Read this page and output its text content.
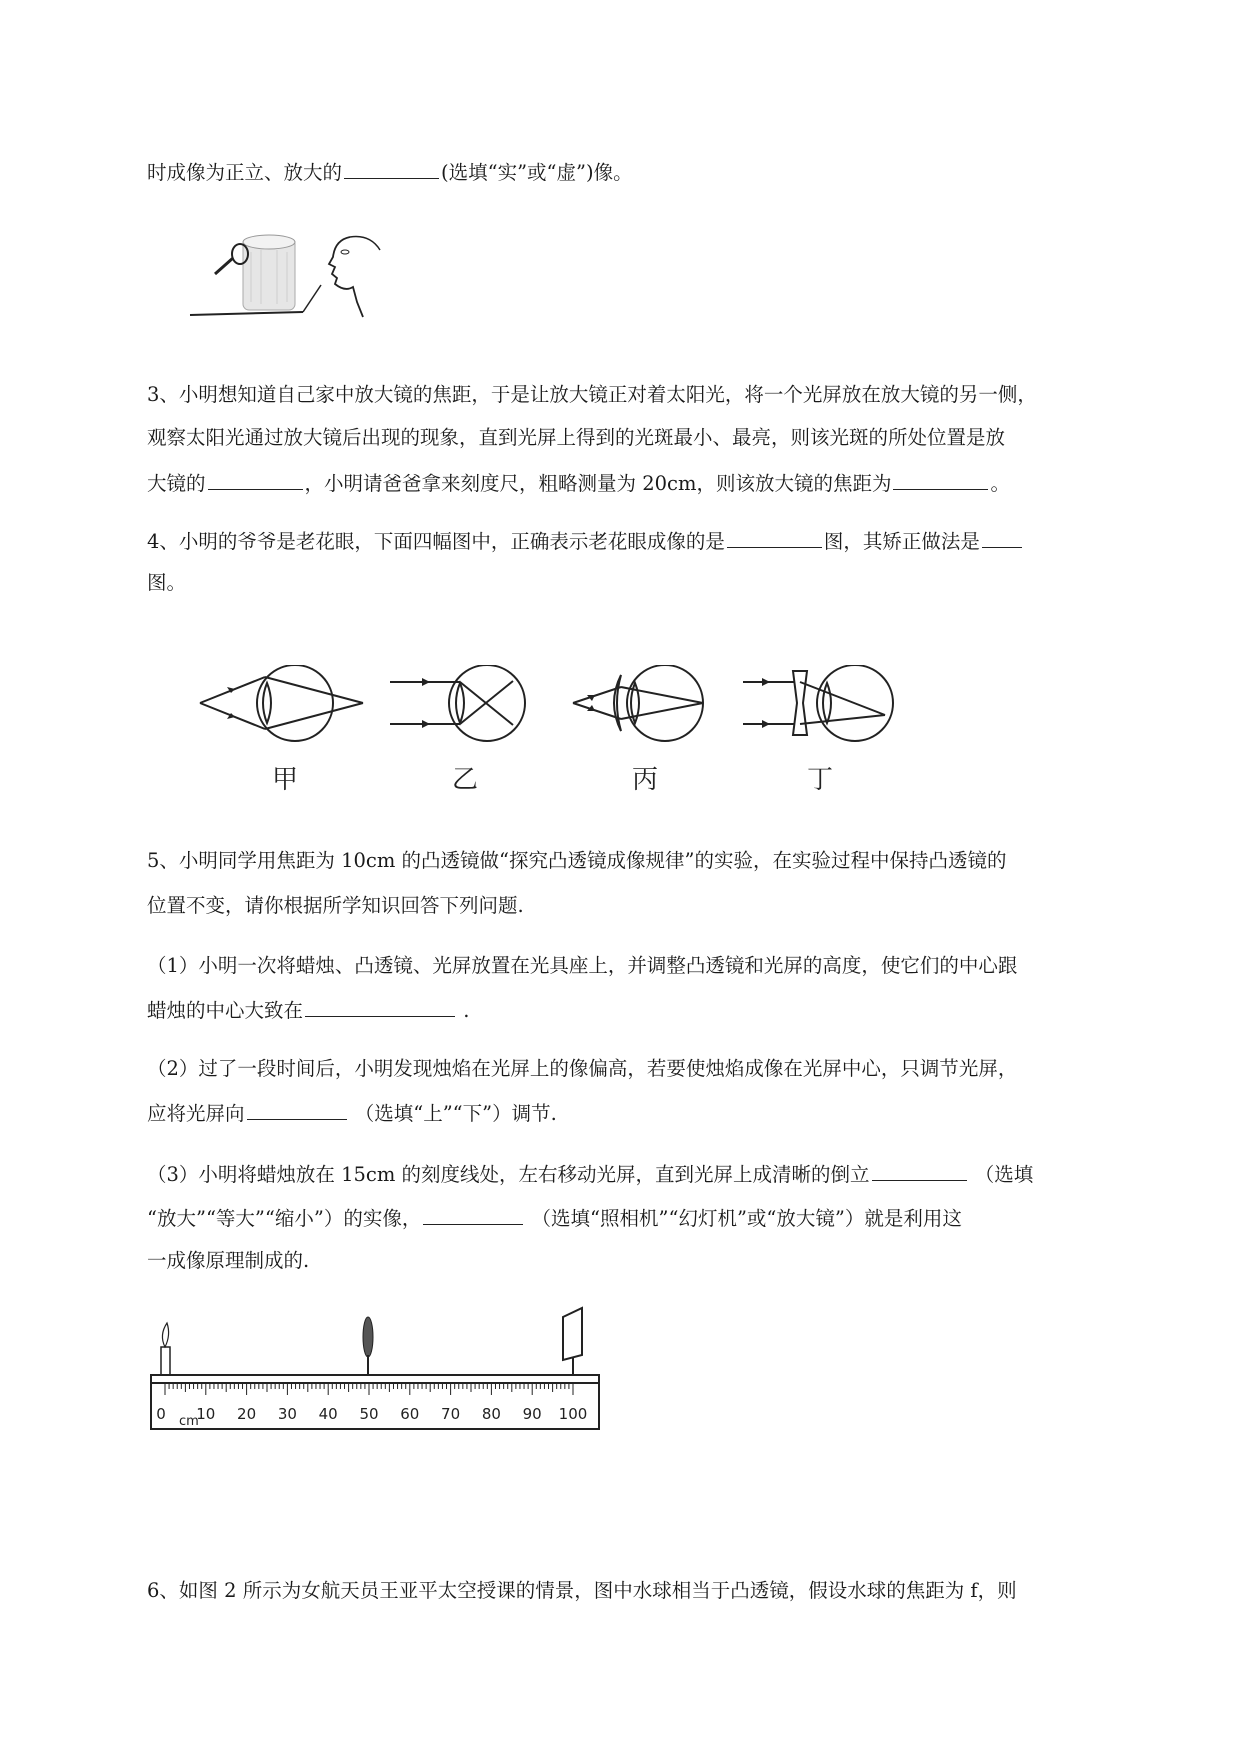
时成像为正立、放大的	(选填“实”或“虚”)像。
3、小明想知道自己家中放大镜的焦距，于是让放大镜正对着太阳光，将一个光屏放在放大镜的另一侧，
观察太阳光通过放大镜后出现的现象，直到光屏上得到的光斑最小、最亮，则该光斑的所处位置是放
大镜的	，小明请爸爸拿来刻度尺，粗略测量为 20cm，则该放大镜的焦距为	。
4、小明的爷爷是老花眼，下面四幅图中，正确表示老花眼成像的是	图，其矫正做法是
图。
甲	乙	丙	丁
5、小明同学用焦距为 10cm 的凸透镜做“探究凸透镜成像规律”的实验，在实验过程中保持凸透镜的
位置不变，请你根据所学知识回答下列问题.
（1）小明一次将蜡烛、凸透镜、光屏放置在光具座上，并调整凸透镜和光屏的高度，使它们的中心跟
蜡烛的中心大致在	.
（2）过了一段时间后，小明发现烛焰在光屏上的像偏高，若要使烛焰成像在光屏中心，只调节光屏，
应将光屏向	（选填“上”“下”）调节.
（3）小明将蜡烛放在 15cm 的刻度线处，左右移动光屏，直到光屏上成清晰的倒立	（选填
“放大”“等大”“缩小”）的实像，	（选填“照相机”“幻灯机”或“放大镜”）就是利用这
一成像原理制成的.
0 10 20 30 40 50 60 70 80 90 100
cm
6、如图 2 所示为女航天员王亚平太空授课的情景，图中水球相当于凸透镜，假设水球的焦距为 f，则
